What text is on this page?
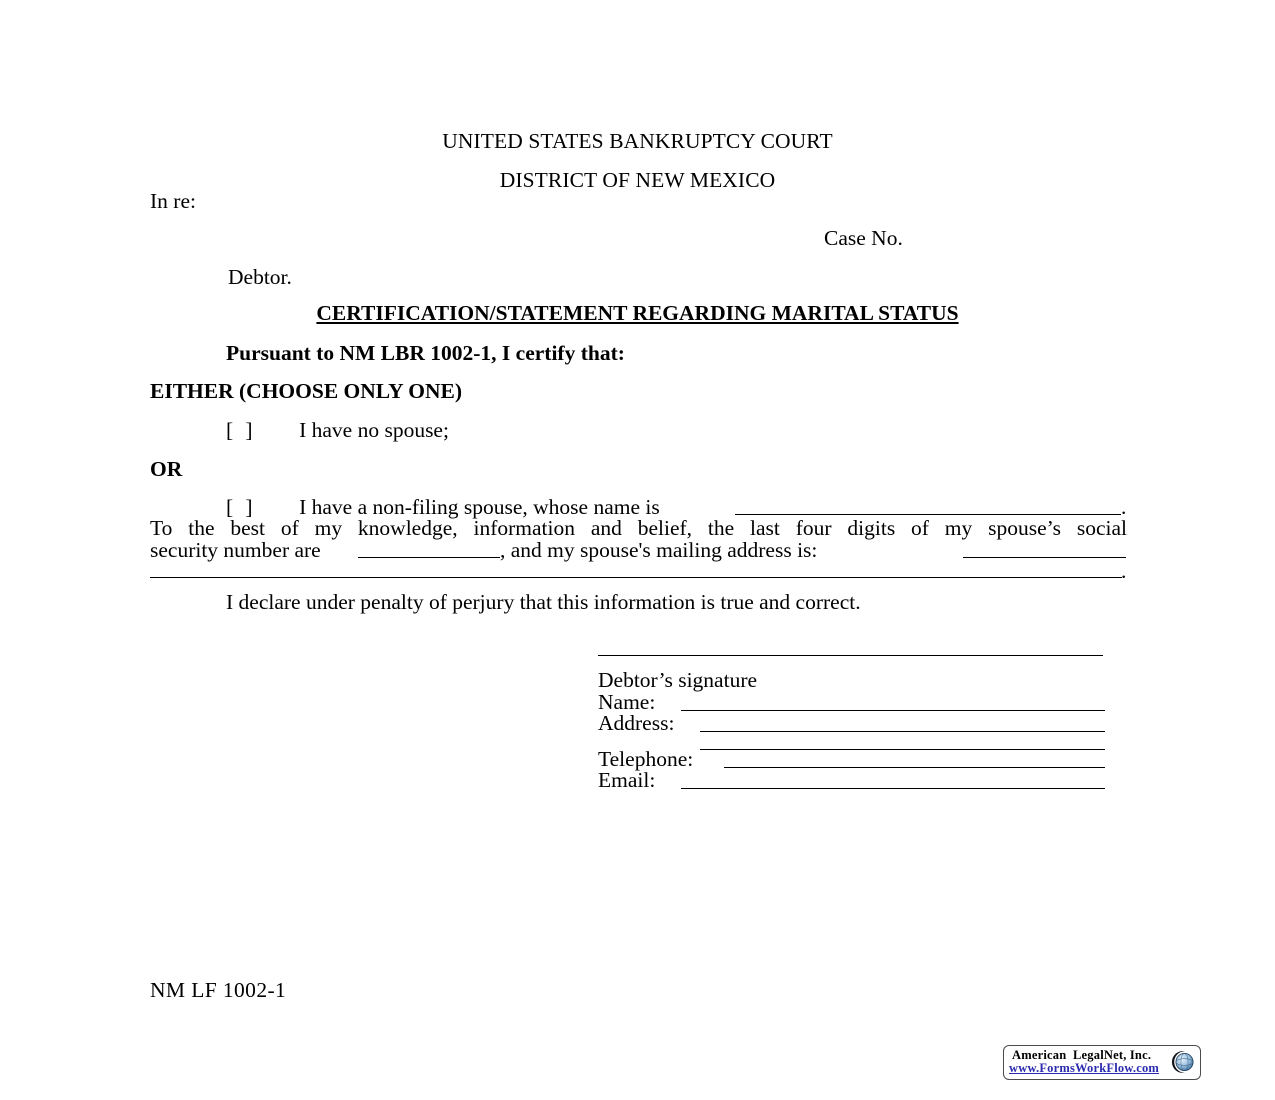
UNITED STATES BANKRUPTCY COURT
DISTRICT OF NEW MEXICO
In re:
Case No.
Debtor.
CERTIFICATION/STATEMENT REGARDING MARITAL STATUS
Pursuant to NM LBR 1002-1, I certify that:
EITHER (CHOOSE ONLY ONE)
[  ] I have no spouse;
OR
[  ] I have a non-filing spouse, whose name is	.
To the best of my knowledge, information and belief, the last four digits of my spouse’s social
security number are	, and my spouse's mailing address is:
.
I declare under penalty of perjury that this information is true and correct.
Debtor’s signature
Name:
Address:
Telephone:
Email:
NM LF 1002-1
American  LegalNet, Inc.
www.FormsWorkFlow.com
